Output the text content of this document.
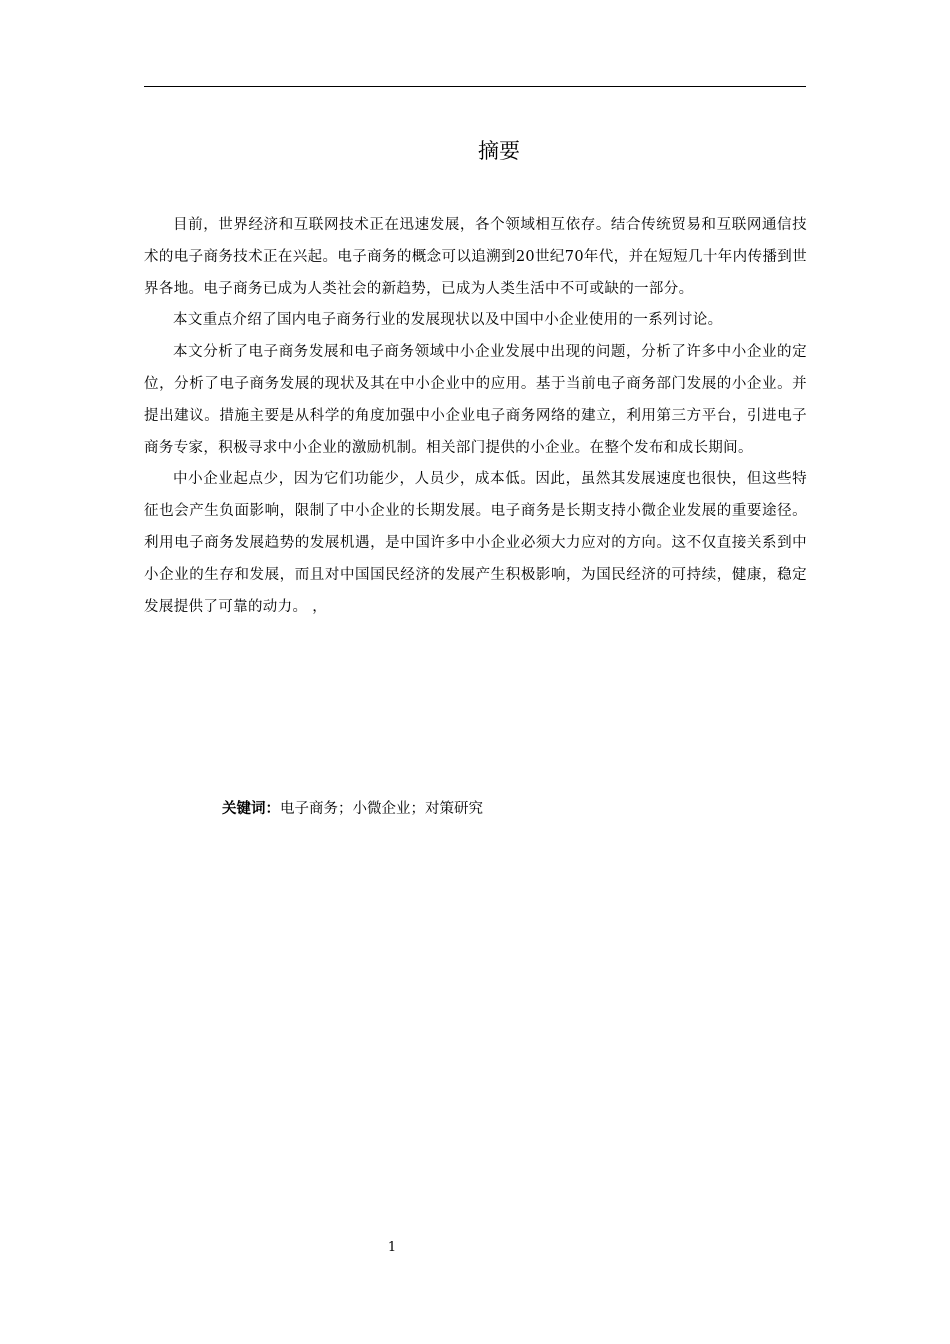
摘要

目前，世界经济和互联网技术正在迅速发展，各个领域相互依存。结合传统贸易和互联网通信技术的电子商务技术正在兴起。电子商务的概念可以追溯到20世纪70年代，并在短短几十年内传播到世界各地。电子商务已成为人类社会的新趋势，已成为人类生活中不可或缺的一部分。

本文重点介绍了国内电子商务行业的发展现状以及中国中小企业使用的一系列讨论。

本文分析了电子商务发展和电子商务领域中小企业发展中出现的问题，分析了许多中小企业的定位，分析了电子商务发展的现状及其在中小企业中的应用。基于当前电子商务部门发展的小企业。并提出建议。措施主要是从科学的角度加强中小企业电子商务网络的建立，利用第三方平台，引进电子商务专家，积极寻求中小企业的激励机制。相关部门提供的小企业。在整个发布和成长期间。

中小企业起点少，因为它们功能少，人员少，成本低。因此，虽然其发展速度也很快，但这些特征也会产生负面影响，限制了中小企业的长期发展。电子商务是长期支持小微企业发展的重要途径。利用电子商务发展趋势的发展机遇，是中国许多中小企业必须大力应对的方向。这不仅直接关系到中小企业的生存和发展，而且对中国国民经济的发展产生积极影响，为国民经济的可持续，健康，稳定发展提供了可靠的动力。 ，

关键词：电子商务；小微企业；对策研究

1
